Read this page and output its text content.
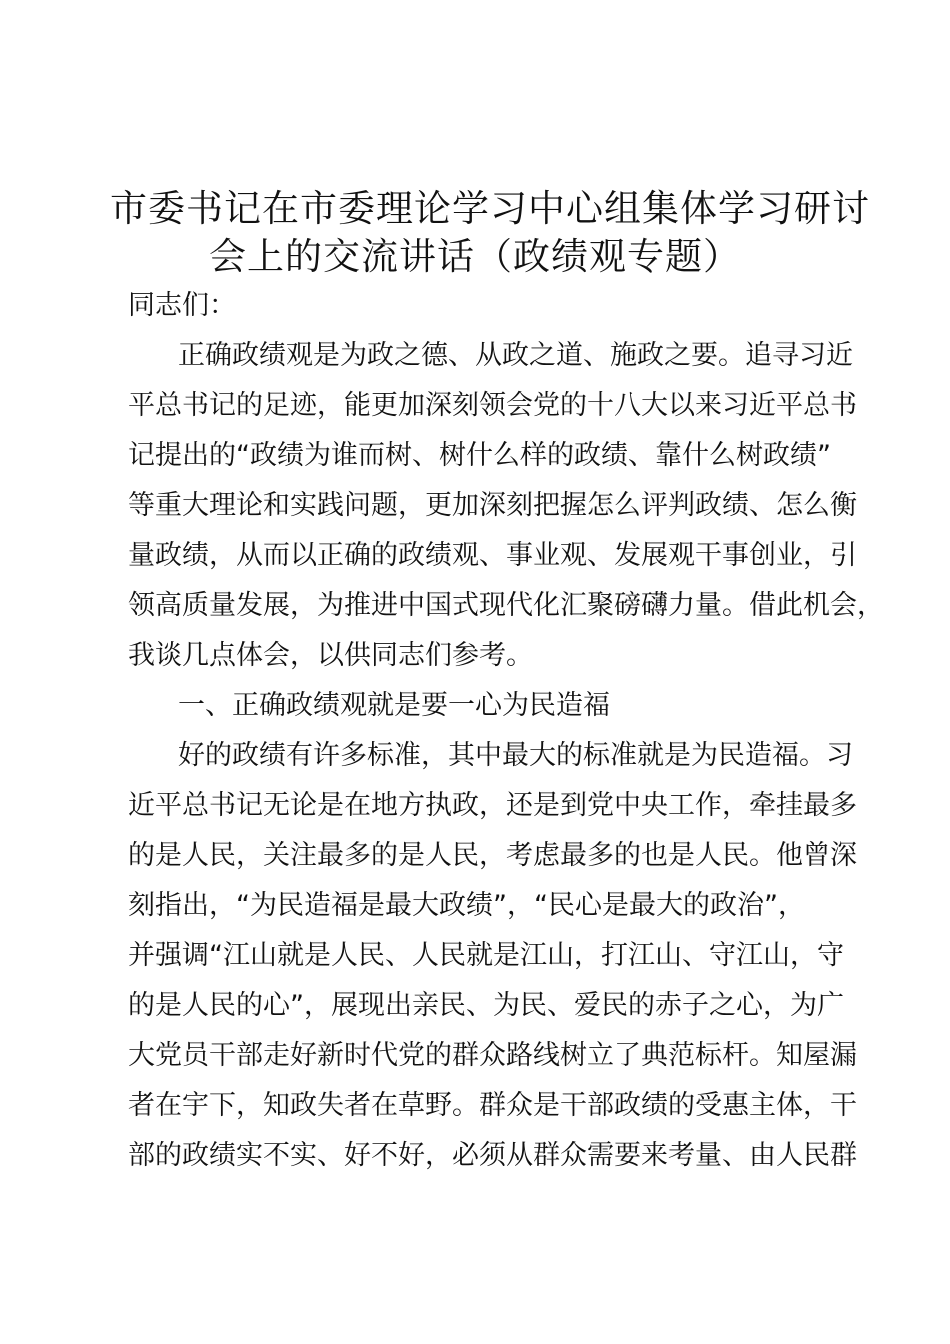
市委书记在市委理论学习中心组集体学习研讨
会上的交流讲话（政绩观专题）

同志们：

正确政绩观是为政之德、从政之道、施政之要。追寻习近

平总书记的足迹，能更加深刻领会党的十八大以来习近平总书

记提出的“政绩为谁而树、树什么样的政绩、靠什么树政绩”

等重大理论和实践问题，更加深刻把握怎么评判政绩、怎么衡

量政绩，从而以正确的政绩观、事业观、发展观干事创业，引

领高质量发展，为推进中国式现代化汇聚磅礴力量。借此机会，

我谈几点体会，以供同志们参考。

一、正确政绩观就是要一心为民造福

好的政绩有许多标准，其中最大的标准就是为民造福。习

近平总书记无论是在地方执政，还是到党中央工作，牵挂最多

的是人民，关注最多的是人民，考虑最多的也是人民。他曾深

刻指出，“为民造福是最大政绩”，“民心是最大的政治”，

并强调“江山就是人民、人民就是江山，打江山、守江山，守

的是人民的心”，展现出亲民、为民、爱民的赤子之心，为广

大党员干部走好新时代党的群众路线树立了典范标杆。知屋漏

者在宇下，知政失者在草野。群众是干部政绩的受惠主体，干

部的政绩实不实、好不好，必须从群众需要来考量、由人民群
